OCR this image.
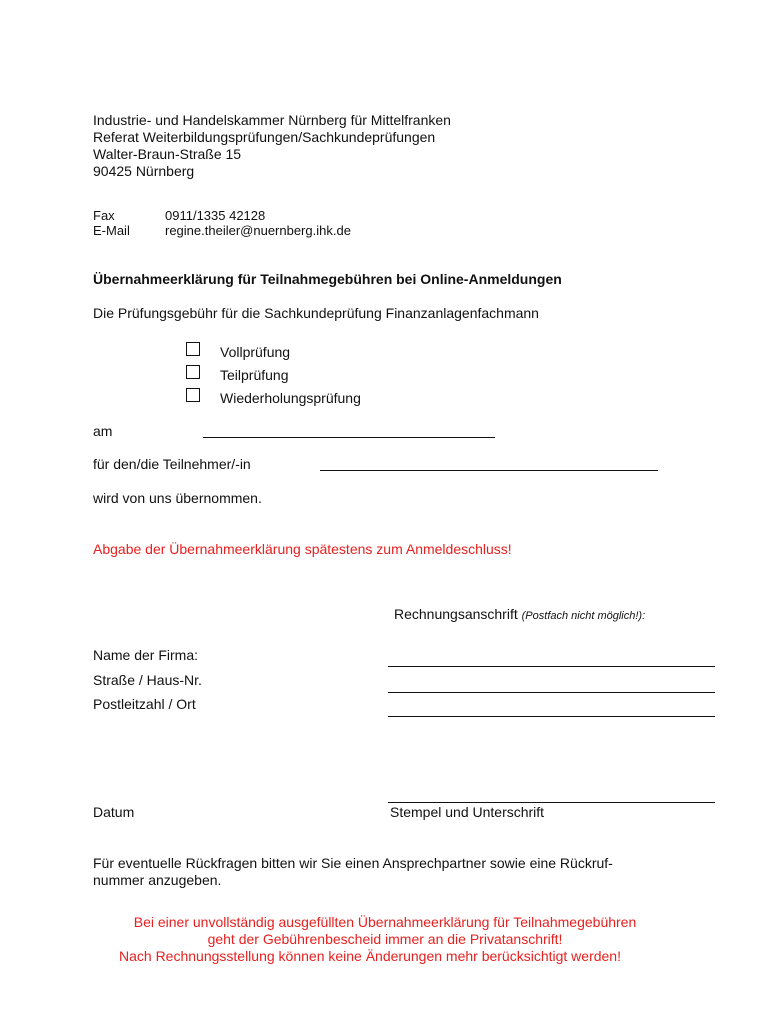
Industrie- und Handelskammer Nürnberg für Mittelfranken
Referat Weiterbildungsprüfungen/Sachkundeprüfungen
Walter-Braun-Straße 15
90425 Nürnberg
Fax	0911/1335 42128
E-Mail	regine.theiler@nuernberg.ihk.de
Übernahmeerklärung für Teilnahmegebühren bei Online-Anmeldungen
Die Prüfungsgebühr für die Sachkundeprüfung Finanzanlagenfachmann
Vollprüfung
Teilprüfung
Wiederholungsprüfung
am
für den/die Teilnehmer/-in
wird von uns übernommen.
Abgabe der Übernahmeerklärung spätestens zum Anmeldeschluss!
Rechnungsanschrift (Postfach nicht möglich!):
Name der Firma:
Straße / Haus-Nr.
Postleitzahl / Ort
Datum	Stempel und Unterschrift
Für eventuelle Rückfragen bitten wir Sie einen Ansprechpartner sowie eine Rückruf-
nummer anzugeben.
Bei einer unvollständig ausgefüllten Übernahmeerklärung für Teilnahmegebühren
geht der Gebührenbescheid immer an die Privatanschrift!
Nach Rechnungsstellung können keine Änderungen mehr berücksichtigt werden!
